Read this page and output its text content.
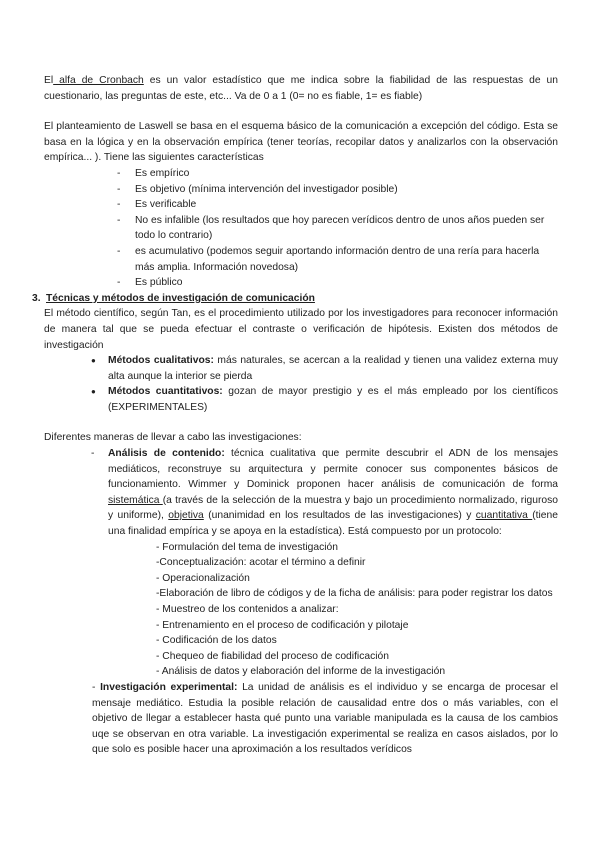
El alfa de Cronbach es un valor estadístico que me indica sobre la fiabilidad de las respuestas de un cuestionario, las preguntas de este, etc... Va de 0 a 1 (0= no es fiable, 1= es fiable)

El planteamiento de Laswell se basa en el esquema básico de la comunicación a excepción del código. Esta se basa en la lógica y en la observación empírica (tener teorías, recopilar datos y analizarlos con la observación empírica... ). Tiene las siguientes características

- Es empírico
- Es objetivo (mínima intervención del investigador posible)
- Es verificable
- No es infalible (los resultados que hoy parecen verídicos dentro de unos años pueden ser todo lo contrario)
- es acumulativo (podemos seguir aportando información dentro de una rería para hacerla más amplia. Información novedosa)
- Es público
3. Técnicas y métodos de investigación de comunicación

El método científico, según Tan, es el procedimiento utilizado por los investigadores para reconocer información de manera tal que se pueda efectuar el contraste o verificación de hipótesis. Existen dos métodos de investigación

● Métodos cualitativos: más naturales, se acercan a la realidad y tienen una validez externa muy alta aunque la interior se pierda
● Métodos cuantitativos: gozan de mayor prestigio y es el más empleado por los científicos (EXPERIMENTALES)

Diferentes maneras de llevar a cabo las investigaciones:

- Análisis de contenido: técnica cualitativa que permite descubrir el ADN de los mensajes mediáticos, reconstruye su arquitectura y permite conocer sus componentes básicos de funcionamiento. Wimmer y Dominick proponen hacer análisis de comunicación de forma sistemática (a través de la selección de la muestra y bajo un procedimiento normalizado, riguroso y uniforme), objetiva (unanimidad en los resultados de las investigaciones) y cuantitativa (tiene una finalidad empírica y se apoya en la estadística). Está compuesto por un protocolo:
- Formulación del tema de investigación
-Conceptualización: acotar el término a definir
- Operacionalización
-Elaboración de libro de códigos y de la ficha de análisis: para poder registrar los datos
- Muestreo de los contenidos a analizar:
- Entrenamiento en el proceso de codificación y pilotaje
- Codificación de los datos
- Chequeo de fiabilidad del proceso de codificación
- Análisis de datos y elaboración del informe de la investigación

- Investigación experimental: La unidad de análisis es el individuo y se encarga de procesar el mensaje mediático. Estudia la posible relación de causalidad entre dos o más variables, con el objetivo de llegar a establecer hasta qué punto una variable manipulada es la causa de los cambios uqe se observan en otra variable. La investigación experimental se realiza en casos aislados, por lo que solo es posible hacer una aproximación a los resultados verídicos
